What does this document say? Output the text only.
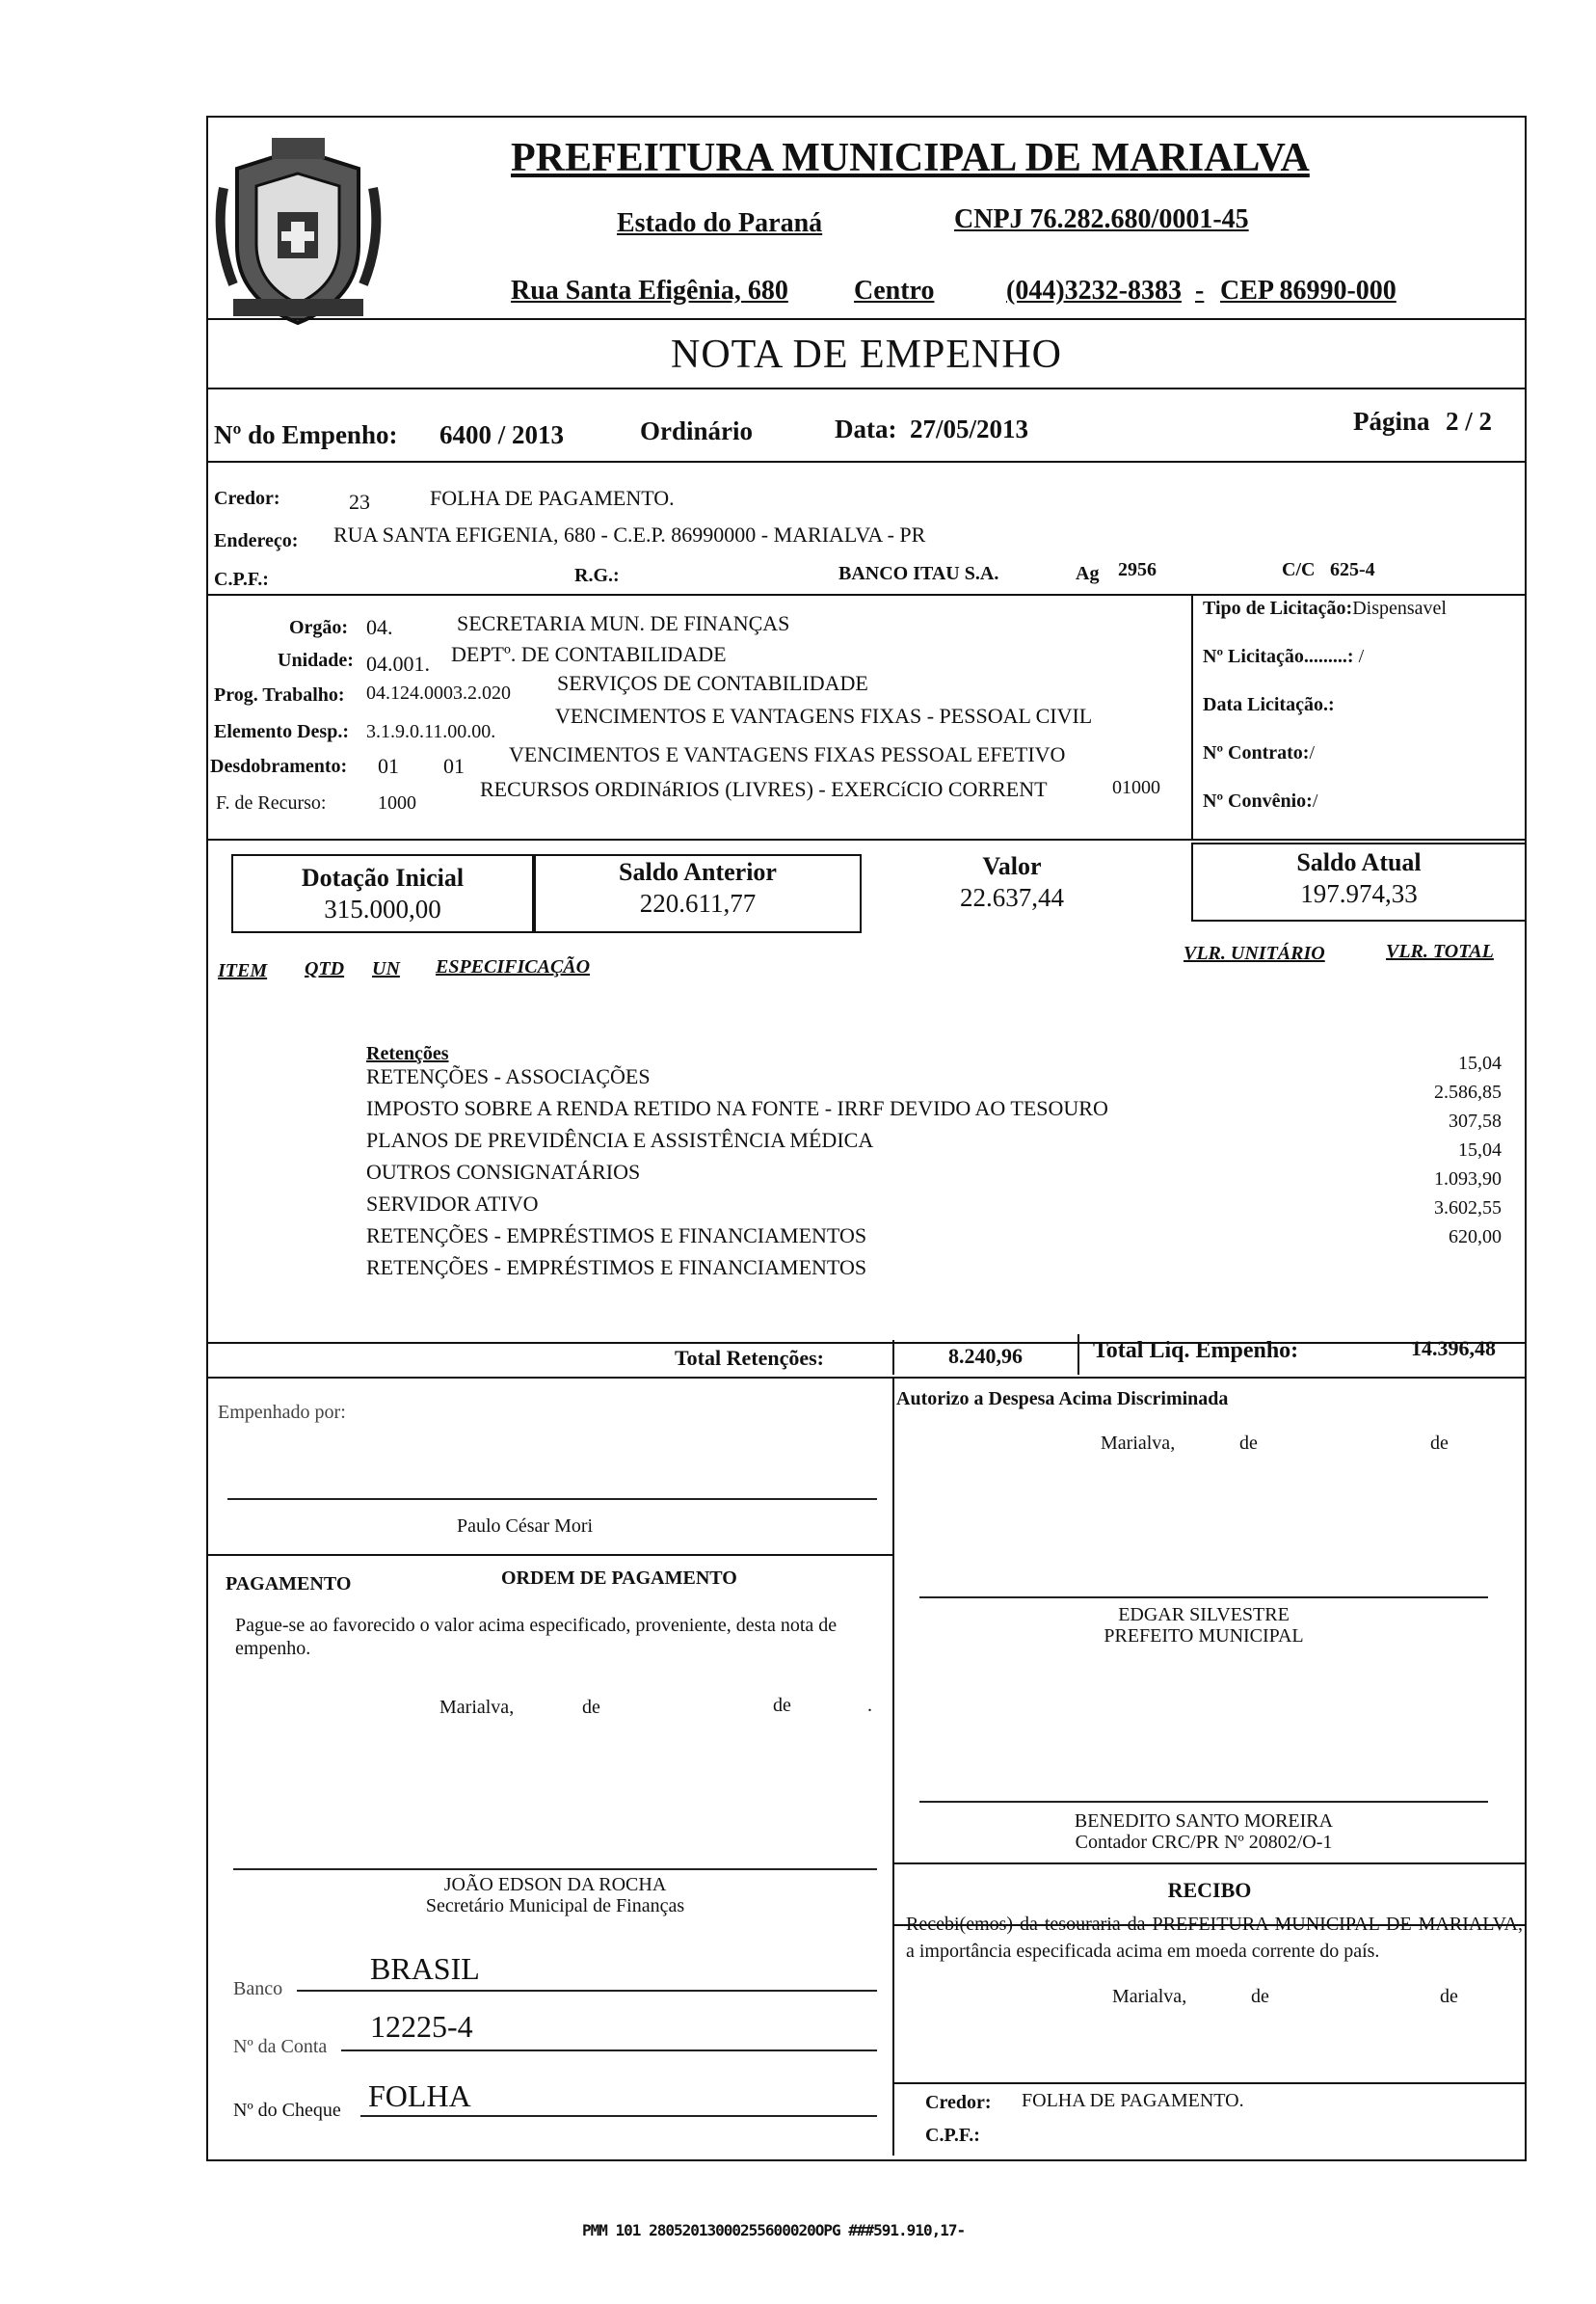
PREFEITURA MUNICIPAL DE MARIALVA
Estado do Paraná	CNPJ 76.282.680/0001-45
Rua Santa Efigênia, 680 Centro	(044)3232-8383 - CEP 86990-000
NOTA DE EMPENHO
Nº do Empenho: 6400 / 2013	Ordinário	Data: 27/05/2013	Página 2 / 2
Credor:	23	FOLHA DE PAGAMENTO.
Endereço: RUA SANTA EFIGENIA, 680 - C.E.P. 86990000 - MARIALVA - PR
C.P.F.:	R.G.:	BANCO ITAU S.A.	Ag 2956	C/C 625-4
Orgão: 04.	SECRETARIA MUN. DE FINANÇAS
Unidade: 04.001. DEPTº. DE CONTABILIDADE
Prog. Trabalho: 04.124.0003.2.020 SERVIÇOS DE CONTABILIDADE
Elemento Desp.: 3.1.9.0.11.00.00.
VENCIMENTOS E VANTAGENS FIXAS - PESSOAL CIVIL
Desdobramento: 01 01 VENCIMENTOS E VANTAGENS FIXAS PESSOAL EFETIVO
F. de Recurso:	1000
RECURSOS ORDINáRIOS (LIVRES) - EXERCíCIO CORRENT	01000
Tipo de Licitação:Dispensavel
Nº Licitação.........: /
Data Licitação.:
Nº Contrato:/
Nº Convênio:/
Dotação Inicial
315.000,00
Saldo Anterior
220.611,77
Valor
22.637,44
Saldo Atual
197.974,33
ITEM QTD UN ESPECIFICAÇÃO
VLR. UNITÁRIO	VLR. TOTAL
Retenções
RETENÇÕES - ASSOCIAÇÕES
15,04
IMPOSTO SOBRE A RENDA RETIDO NA FONTE - IRRF DEVIDO AO TESOURO
2.586,85
PLANOS DE PREVIDÊNCIA E ASSISTÊNCIA MÉDICA
307,58
OUTROS CONSIGNATÁRIOS
15,04
SERVIDOR ATIVO
1.093,90
RETENÇÕES - EMPRÉSTIMOS E FINANCIAMENTOS
3.602,55
RETENÇÕES - EMPRÉSTIMOS E FINANCIAMENTOS
620,00
Total Retenções:	8.240,96	Total Liq. Empenho:	14.396,48
Empenhado por:
Paulo César Mori
Autorizo a Despesa Acima Discriminada
Marialva,	de	de
EDGAR SILVESTRE
PREFEITO MUNICIPAL
PAGAMENTO	ORDEM DE PAGAMENTO
Pague-se ao favorecido o valor acima especificado, proveniente, desta nota de empenho.
Marialva,	de	de	.
BENEDITO SANTO MOREIRA
Contador CRC/PR Nº 20802/O-1
JOÃO EDSON DA ROCHA
Secretário Municipal de Finanças
RECIBO
Recebi(emos) da tesouraria da PREFEITURA MUNICIPAL DE MARIALVA, a importância especificada acima em moeda corrente do país.
Marialva,	de	de
Credor: FOLHA DE PAGAMENTO.
C.P.F.:
Banco
BRASIL
Nº da Conta
12225-4
Nº do Cheque FOLHA
PMM 101 28052013000255600020OPG ###591.910,17-
